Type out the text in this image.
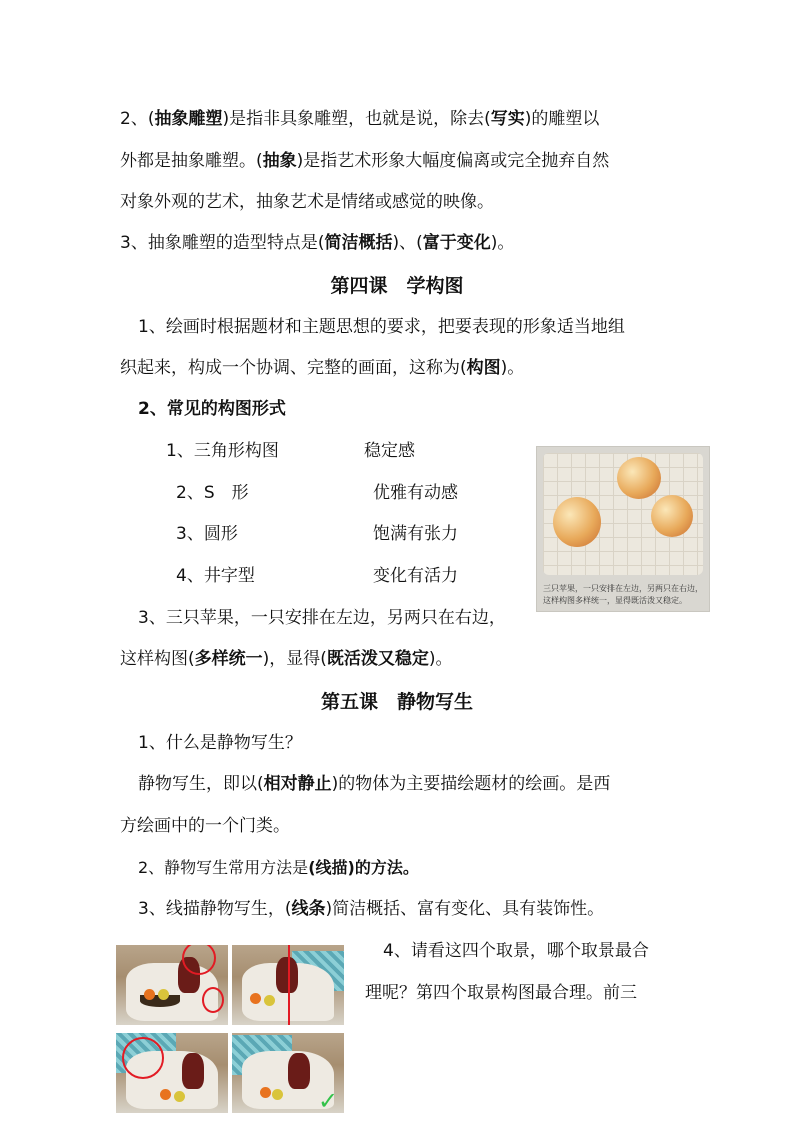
2、(抽象雕塑)是指非具象雕塑，也就是说，除去(写实)的雕塑以
外都是抽象雕塑。(抽象)是指艺术形象大幅度偏离或完全抛弃自然
对象外观的艺术，抽象艺术是情绪或感觉的映像。
3、抽象雕塑的造型特点是(简洁概括)、(富于变化)。
第四课　学构图
1、绘画时根据题材和主题思想的要求，把要表现的形象适当地组
织起来，构成一个协调、完整的画面，这称为(构图)。
2、常见的构图形式
1、三角形构图	稳定感
2、S　形	优雅有动感
3、圆形	饱满有张力
4、井字型	变化有活力
三只苹果，一只安排在左边，另两只在右边，这样构图多样统一，显得既活泼又稳定。
3、三只苹果，一只安排在左边，另两只在右边，
这样构图(多样统一)，显得(既活泼又稳定)。
第五课　静物写生
1、什么是静物写生？
静物写生，即以(相对静止)的物体为主要描绘题材的绘画。是西
方绘画中的一个门类。
2、静物写生常用方法是(线描)的方法。
3、线描静物写生，(线条)简洁概括、富有变化、具有装饰性。
✓
4、请看这四个取景，哪个取景最合
理呢？第四个取景构图最合理。前三
